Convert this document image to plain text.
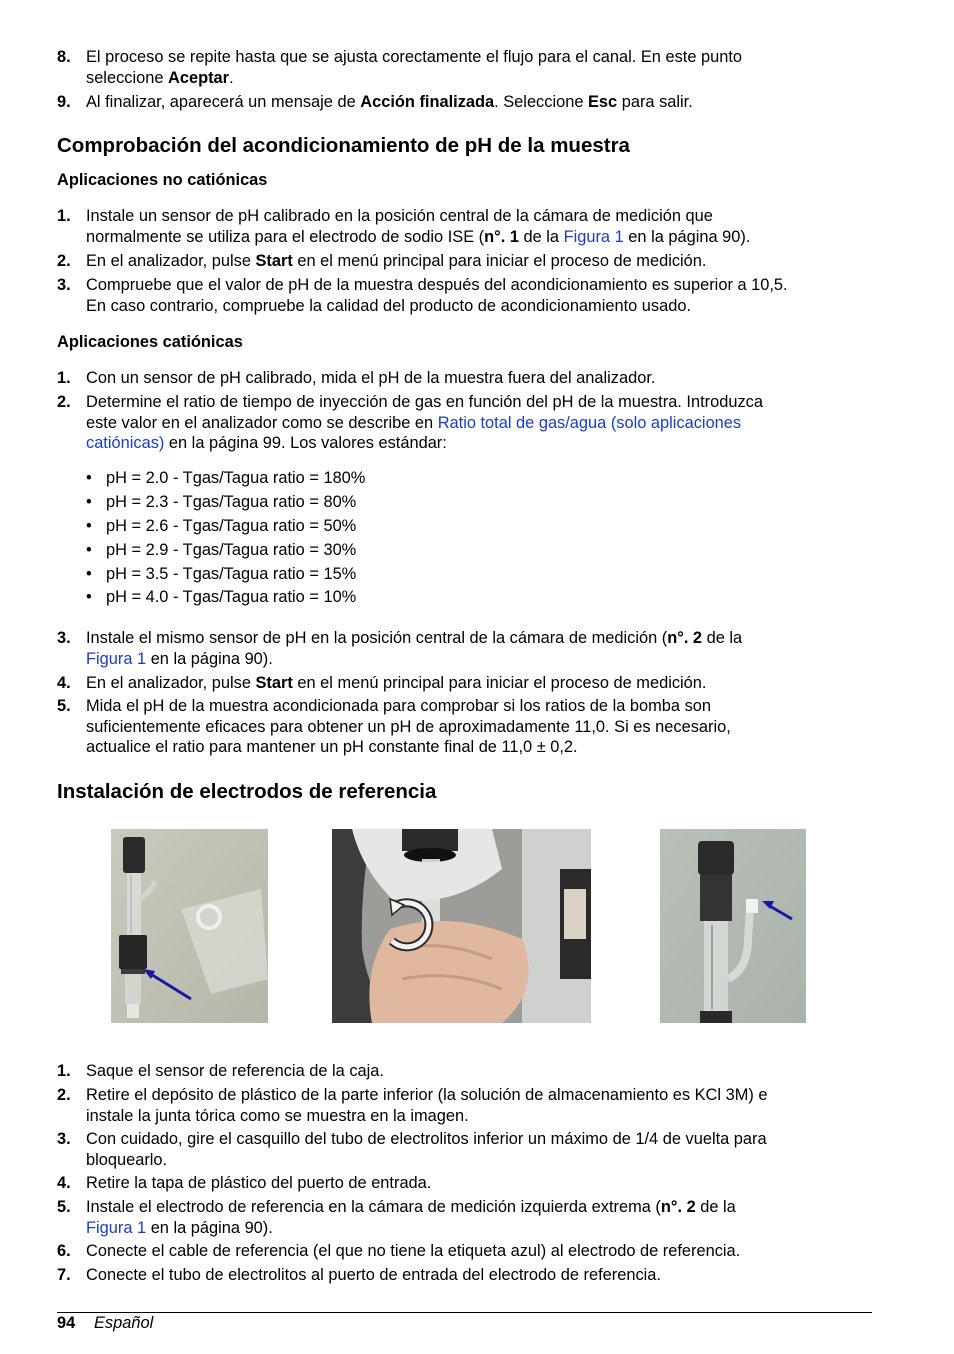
8. El proceso se repite hasta que se ajusta corectamente el flujo para el canal. En este punto
seleccione Aceptar.
9. Al finalizar, aparecerá un mensaje de Acción finalizada. Seleccione Esc para salir.
Comprobación del acondicionamiento de pH de la muestra
Aplicaciones no catiónicas
1. Instale un sensor de pH calibrado en la posición central de la cámara de medición que
normalmente se utiliza para el electrodo de sodio ISE (n°. 1 de la Figura 1 en la página 90).
2. En el analizador, pulse Start en el menú principal para iniciar el proceso de medición.
3. Compruebe que el valor de pH de la muestra después del acondicionamiento es superior a 10,5.
En caso contrario, compruebe la calidad del producto de acondicionamiento usado.
Aplicaciones catiónicas
1. Con un sensor de pH calibrado, mida el pH de la muestra fuera del analizador.
2. Determine el ratio de tiempo de inyección de gas en función del pH de la muestra. Introduzca
este valor en el analizador como se describe en Ratio total de gas/agua (solo aplicaciones
catiónicas) en la página 99. Los valores estándar:
• pH = 2.0 - Tgas/Tagua ratio = 180%
• pH = 2.3 - Tgas/Tagua ratio = 80%
• pH = 2.6 - Tgas/Tagua ratio = 50%
• pH = 2.9 - Tgas/Tagua ratio = 30%
• pH = 3.5 - Tgas/Tagua ratio = 15%
• pH = 4.0 - Tgas/Tagua ratio = 10%
3. Instale el mismo sensor de pH en la posición central de la cámara de medición (n°. 2 de la
Figura 1 en la página 90).
4. En el analizador, pulse Start en el menú principal para iniciar el proceso de medición.
5. Mida el pH de la muestra acondicionada para comprobar si los ratios de la bomba son
suficientemente eficaces para obtener un pH de aproximadamente 11,0. Si es necesario,
actualice el ratio para mantener un pH constante final de 11,0 ± 0,2.
Instalación de electrodos de referencia
1. Saque el sensor de referencia de la caja.
2. Retire el depósito de plástico de la parte inferior (la solución de almacenamiento es KCl 3M) e
instale la junta tórica como se muestra en la imagen.
3. Con cuidado, gire el casquillo del tubo de electrolitos inferior un máximo de 1/4 de vuelta para
bloquearlo.
4. Retire la tapa de plástico del puerto de entrada.
5. Instale el electrodo de referencia en la cámara de medición izquierda extrema (n°. 2 de la
Figura 1 en la página 90).
6. Conecte el cable de referencia (el que no tiene la etiqueta azul) al electrodo de referencia.
7. Conecte el tubo de electrolitos al puerto de entrada del electrodo de referencia.
94 Español
